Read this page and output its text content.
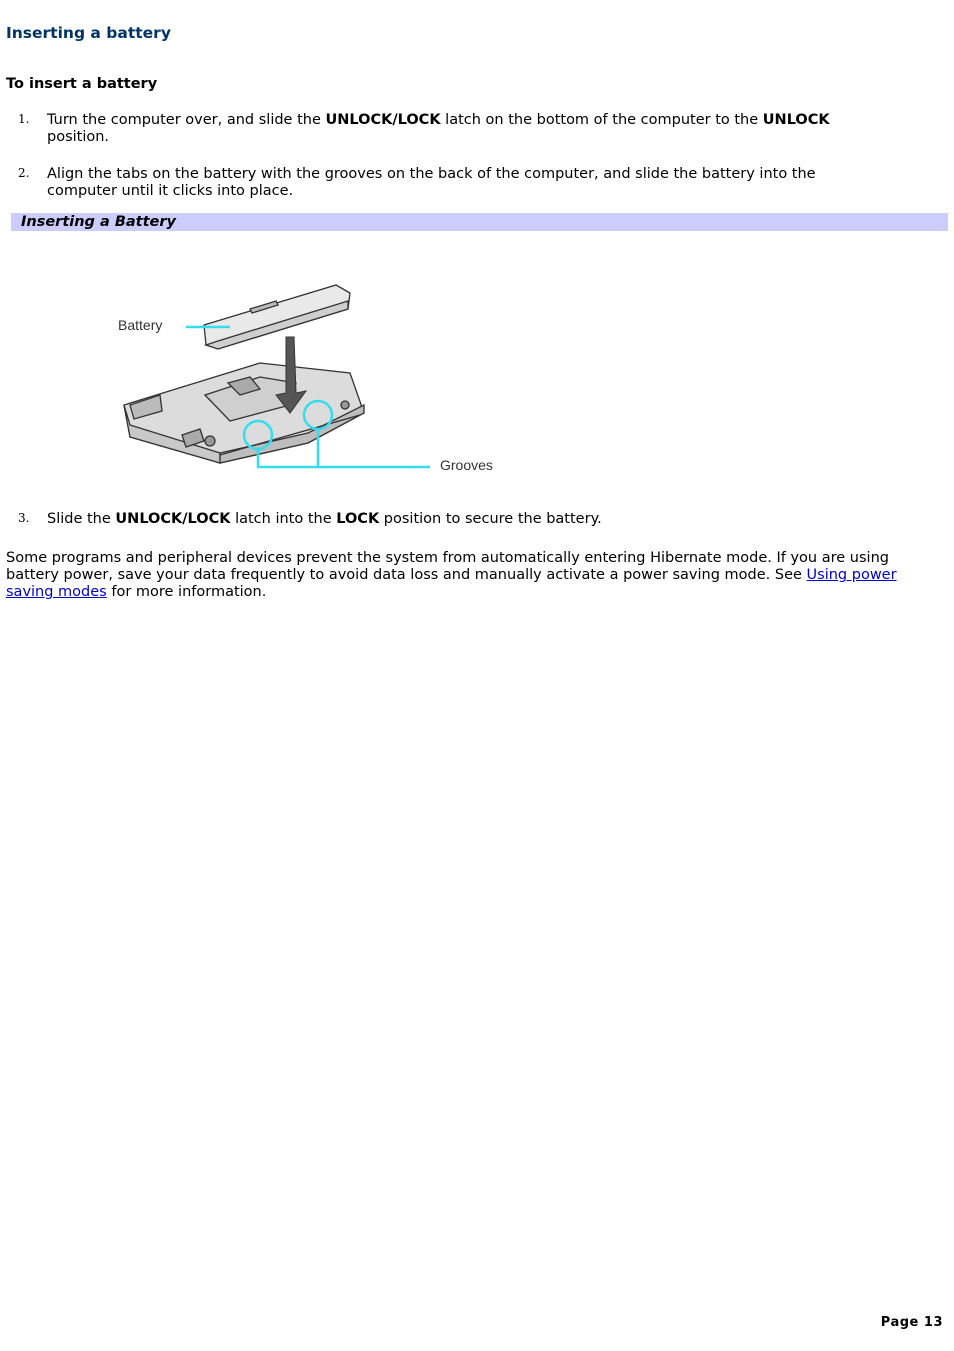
Inserting a battery
To insert a battery
1. Turn the computer over, and slide the UNLOCK/LOCK latch on the bottom of the computer to the UNLOCK
position.
2. Align the tabs on the battery with the grooves on the back of the computer, and slide the battery into the computer until it clicks into place.
Inserting a Battery
Battery
Grooves
3. Slide the UNLOCK/LOCK latch into the LOCK position to secure the battery.

Some programs and peripheral devices prevent the system from automatically entering Hibernate mode. If you are using battery power, save your data frequently to avoid data loss and manually activate a power saving mode. See Using power saving modes for more information.

Page 13
